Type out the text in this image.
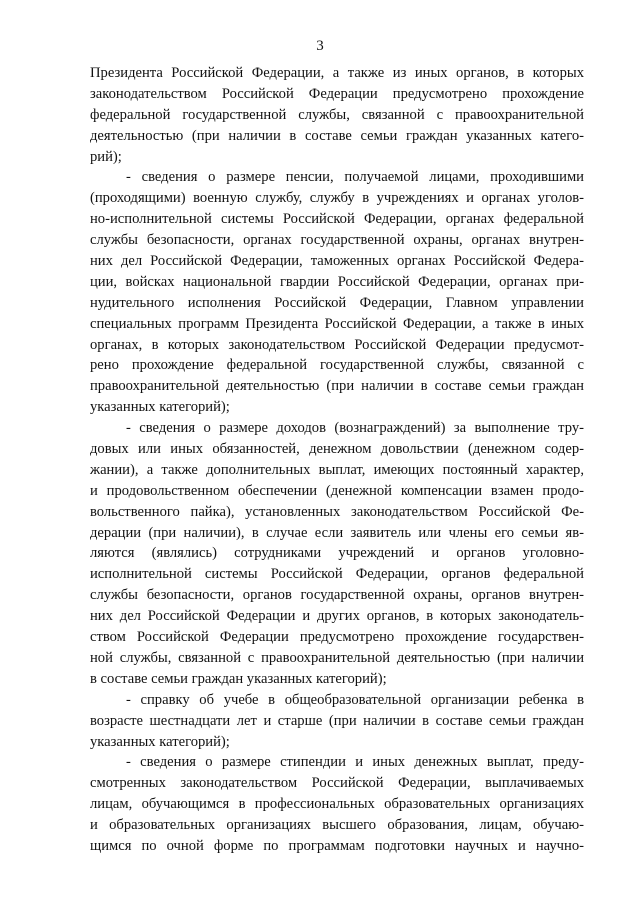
3
Президента Российской Федерации, а также из иных органов, в которых
законодательством Российской Федерации предусмотрено прохождение
федеральной государственной службы, связанной с правоохранительной
деятельностью (при наличии в составе семьи граждан указанных катего-
рий);
- сведения о размере пенсии, получаемой лицами, проходившими
(проходящими) военную службу, службу в учреждениях и органах уголов-
но-исполнительной системы Российской Федерации, органах федеральной
службы безопасности, органах государственной охраны, органах внутрен-
них дел Российской Федерации, таможенных органах Российской Федера-
ции, войсках национальной гвардии Российской Федерации, органах при-
нудительного исполнения Российской Федерации, Главном управлении
специальных программ Президента Российской Федерации, а также в иных
органах, в которых законодательством Российской Федерации предусмот-
рено прохождение федеральной государственной службы, связанной с
правоохранительной деятельностью (при наличии в составе семьи граждан
указанных категорий);
- сведения о размере доходов (вознаграждений) за выполнение тру-
довых или иных обязанностей, денежном довольствии (денежном содер-
жании), а также дополнительных выплат, имеющих постоянный характер,
и продовольственном обеспечении (денежной компенсации взамен продо-
вольственного пайка), установленных законодательством Российской Фе-
дерации (при наличии), в случае если заявитель или члены его семьи яв-
ляются (являлись) сотрудниками учреждений и органов уголовно-
исполнительной системы Российской Федерации, органов федеральной
службы безопасности, органов государственной охраны, органов внутрен-
них дел Российской Федерации и других органов, в которых законодатель-
ством Российской Федерации предусмотрено прохождение государствен-
ной службы, связанной с правоохранительной деятельностью (при наличии
в составе семьи граждан указанных категорий);
- справку об учебе в общеобразовательной организации ребенка в
возрасте шестнадцати лет и старше (при наличии в составе семьи граждан
указанных категорий);
- сведения о размере стипендии и иных денежных выплат, преду-
смотренных законодательством Российской Федерации, выплачиваемых
лицам, обучающимся в профессиональных образовательных организациях
и образовательных организациях высшего образования, лицам, обучаю-
щимся по очной форме по программам подготовки научных и научно-
